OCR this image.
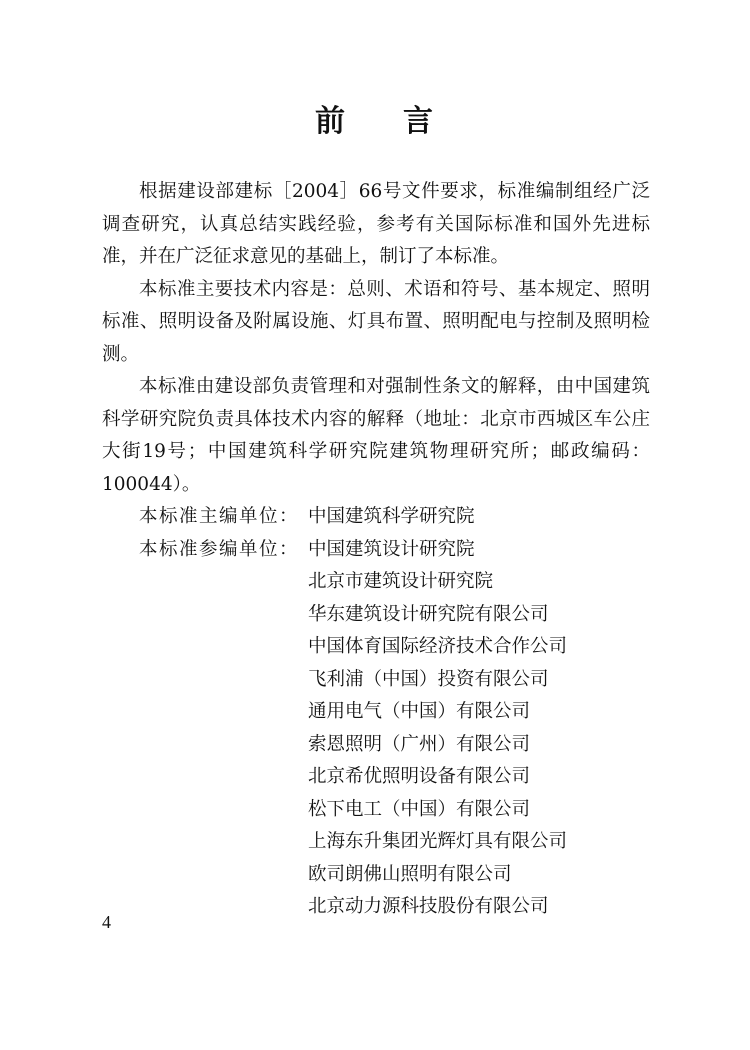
前 言

根据建设部建标［2004］66号文件要求，标准编制组经广泛调查研究，认真总结实践经验，参考有关国际标准和国外先进标准，并在广泛征求意见的基础上，制订了本标准。

本标准主要技术内容是：总则、术语和符号、基本规定、照明标准、照明设备及附属设施、灯具布置、照明配电与控制及照明检测。

本标准由建设部负责管理和对强制性条文的解释，由中国建筑科学研究院负责具体技术内容的解释（地址：北京市西城区车公庄大街19号；中国建筑科学研究院建筑物理研究所；邮政编码：100044）。

本标准主编单位： 中国建筑科学研究院
本标准参编单位： 中国建筑设计研究院
北京市建筑设计研究院
华东建筑设计研究院有限公司
中国体育国际经济技术合作公司
飞利浦（中国）投资有限公司
通用电气（中国）有限公司
索恩照明（广州）有限公司
北京希优照明设备有限公司
松下电工（中国）有限公司
上海东升集团光辉灯具有限公司
欧司朗佛山照明有限公司
北京动力源科技股份有限公司
4
